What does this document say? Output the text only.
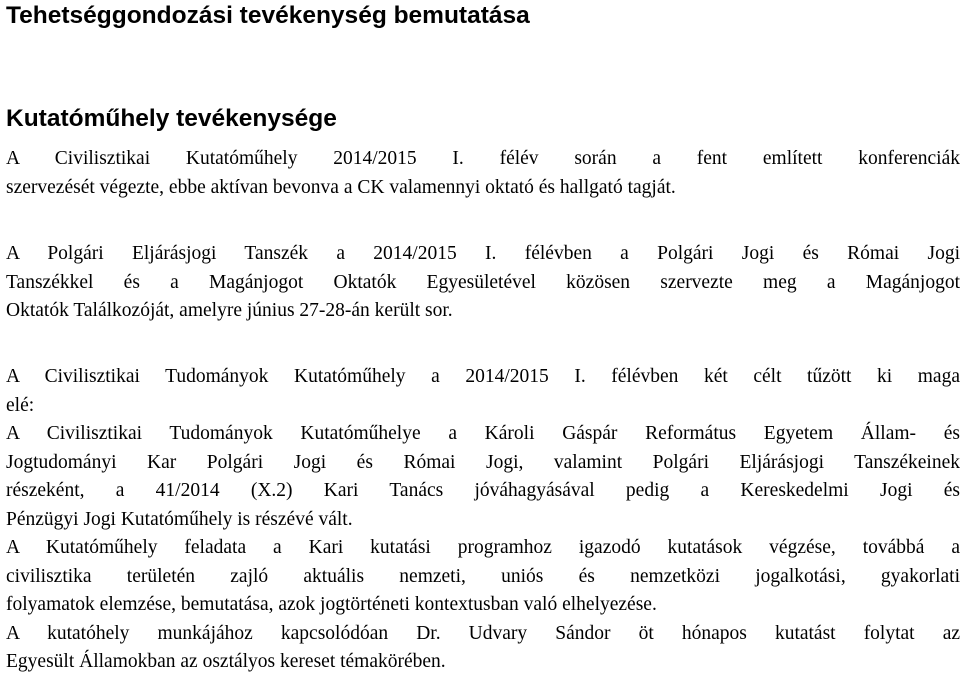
Tehetséggondozási tevékenység bemutatása
Kutatóműhely tevékenysége

A Civilisztikai Kutatóműhely 2014/2015 I. félév során a fent említett konferenciák
szervezését végezte, ebbe aktívan bevonva a CK valamennyi oktató és hallgató tagját.

A Polgári Eljárásjogi Tanszék a 2014/2015 I. félévben a Polgári Jogi és Római Jogi
Tanszékkel és a Magánjogot Oktatók Egyesületével közösen szervezte meg a Magánjogot
Oktatók Találkozóját, amelyre június 27-28-án került sor.

A Civilisztikai Tudományok Kutatóműhely a 2014/2015 I. félévben két célt tűzött ki maga
elé:
A Civilisztikai Tudományok Kutatóműhelye a Károli Gáspár Református Egyetem Állam- és
Jogtudományi Kar Polgári Jogi és Római Jogi, valamint Polgári Eljárásjogi Tanszékeinek
részeként, a 41/2014 (X.2) Kari Tanács jóváhagyásával pedig a Kereskedelmi Jogi és
Pénzügyi Jogi Kutatóműhely is részévé vált.
A Kutatóműhely feladata a Kari kutatási programhoz igazodó kutatások végzése, továbbá a
civilisztika területén zajló aktuális nemzeti, uniós és nemzetközi jogalkotási, gyakorlati
folyamatok elemzése, bemutatása, azok jogtörténeti kontextusban való elhelyezése.
A kutatóhely munkájához kapcsolódóan Dr. Udvary Sándor öt hónapos kutatást folytat az
Egyesült Államokban az osztályos kereset témakörében.
